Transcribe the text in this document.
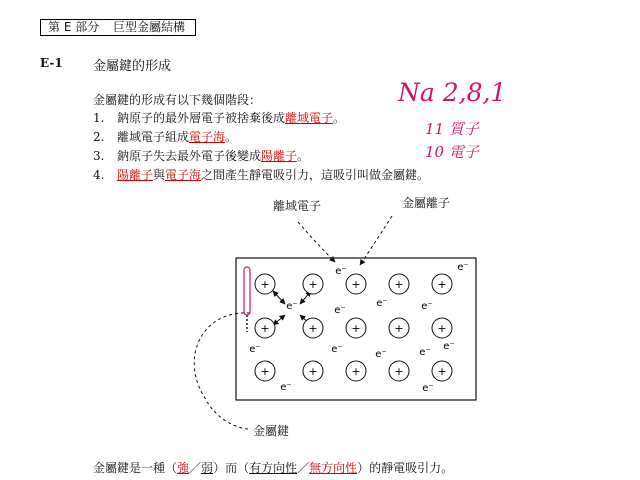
第 E 部分 巨型金屬結構
E-1 金屬鍵的形成
金屬鍵的形成有以下幾個階段：
1. 鈉原子的最外層電子被捨棄後成離域電子。
2. 離域電子組成電子海。
3. 鈉原子失去最外電子後變成陽離子。
4. 陽離子與電子海之間產生靜電吸引力，這吸引叫做金屬鍵。
Na 2,8,1
11 質子
10 電子
+	+	+	+	+
+	+	+	+	+
+	+	+	+	+
e⁻	e⁻
e⁻	e⁻
e⁻	e⁻
e⁻	e⁻	e⁻	e⁻
e⁻
e⁻	e⁻
離域電子	金屬離子
金屬鍵
金屬鍵是一種（強／弱）而（有方向性／無方向性）的靜電吸引力。
